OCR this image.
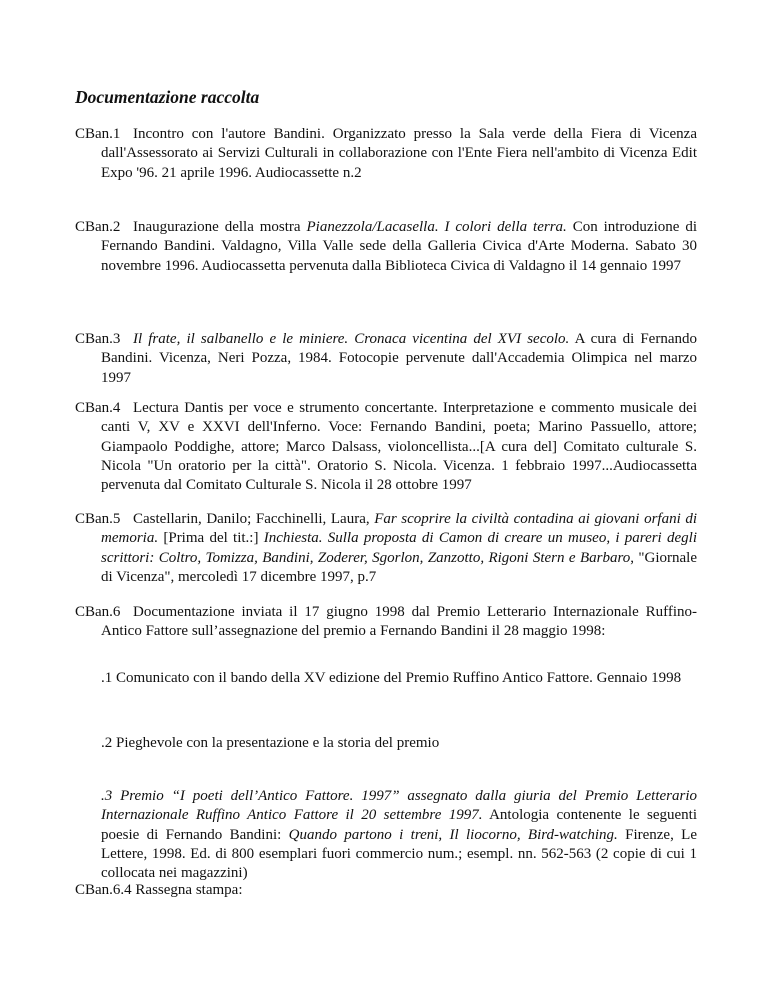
Documentazione raccolta
CBan.1 Incontro con l'autore Bandini. Organizzato presso la Sala verde della Fiera di Vicenza dall'Assessorato ai Servizi Culturali in collaborazione con l'Ente Fiera nell'ambito di Vicenza Edit Expo '96. 21 aprile 1996. Audiocassette n.2
CBan.2 Inaugurazione della mostra Pianezzola/Lacasella. I colori della terra. Con introduzione di Fernando Bandini. Valdagno, Villa Valle sede della Galleria Civica d'Arte Moderna. Sabato 30 novembre 1996. Audiocassetta pervenuta dalla Biblioteca Civica di Valdagno il 14 gennaio 1997
CBan.3 Il frate, il salbanello e le miniere. Cronaca vicentina del XVI secolo. A cura di Fernando Bandini. Vicenza, Neri Pozza, 1984. Fotocopie pervenute dall'Accademia Olimpica nel marzo 1997
CBan.4 Lectura Dantis per voce e strumento concertante. Interpretazione e commento musicale dei canti V, XV e XXVI dell'Inferno. Voce: Fernando Bandini, poeta; Marino Passuello, attore; Giampaolo Poddighe, attore; Marco Dalsass, violoncellista...[A cura del] Comitato culturale S. Nicola "Un oratorio per la città". Oratorio S. Nicola. Vicenza. 1 febbraio 1997...Audiocassetta pervenuta dal Comitato Culturale S. Nicola il 28 ottobre 1997
CBan.5 Castellarin, Danilo; Facchinelli, Laura, Far scoprire la civiltà contadina ai giovani orfani di memoria. [Prima del tit.:] Inchiesta. Sulla proposta di Camon di creare un museo, i pareri degli scrittori: Coltro, Tomizza, Bandini, Zoderer, Sgorlon, Zanzotto, Rigoni Stern e Barbaro, "Giornale di Vicenza", mercoledì 17 dicembre 1997, p.7
CBan.6 Documentazione inviata il 17 giugno 1998 dal Premio Letterario Internazionale Ruffino-Antico Fattore sull’assegnazione del premio a Fernando Bandini il 28 maggio 1998:
.1 Comunicato con il bando della XV edizione del Premio Ruffino Antico Fattore. Gennaio 1998
.2 Pieghevole con la presentazione e la storia del premio
.3 Premio “I poeti dell’Antico Fattore. 1997” assegnato dalla giuria del Premio Letterario Internazionale Ruffino Antico Fattore il 20 settembre 1997. Antologia contenente le seguenti poesie di Fernando Bandini: Quando partono i treni, Il liocorno, Bird-watching. Firenze, Le Lettere, 1998. Ed. di 800 esemplari fuori commercio num.; esempl. nn. 562-563 (2 copie di cui 1 collocata nei magazzini)
CBan.6.4 Rassegna stampa:
